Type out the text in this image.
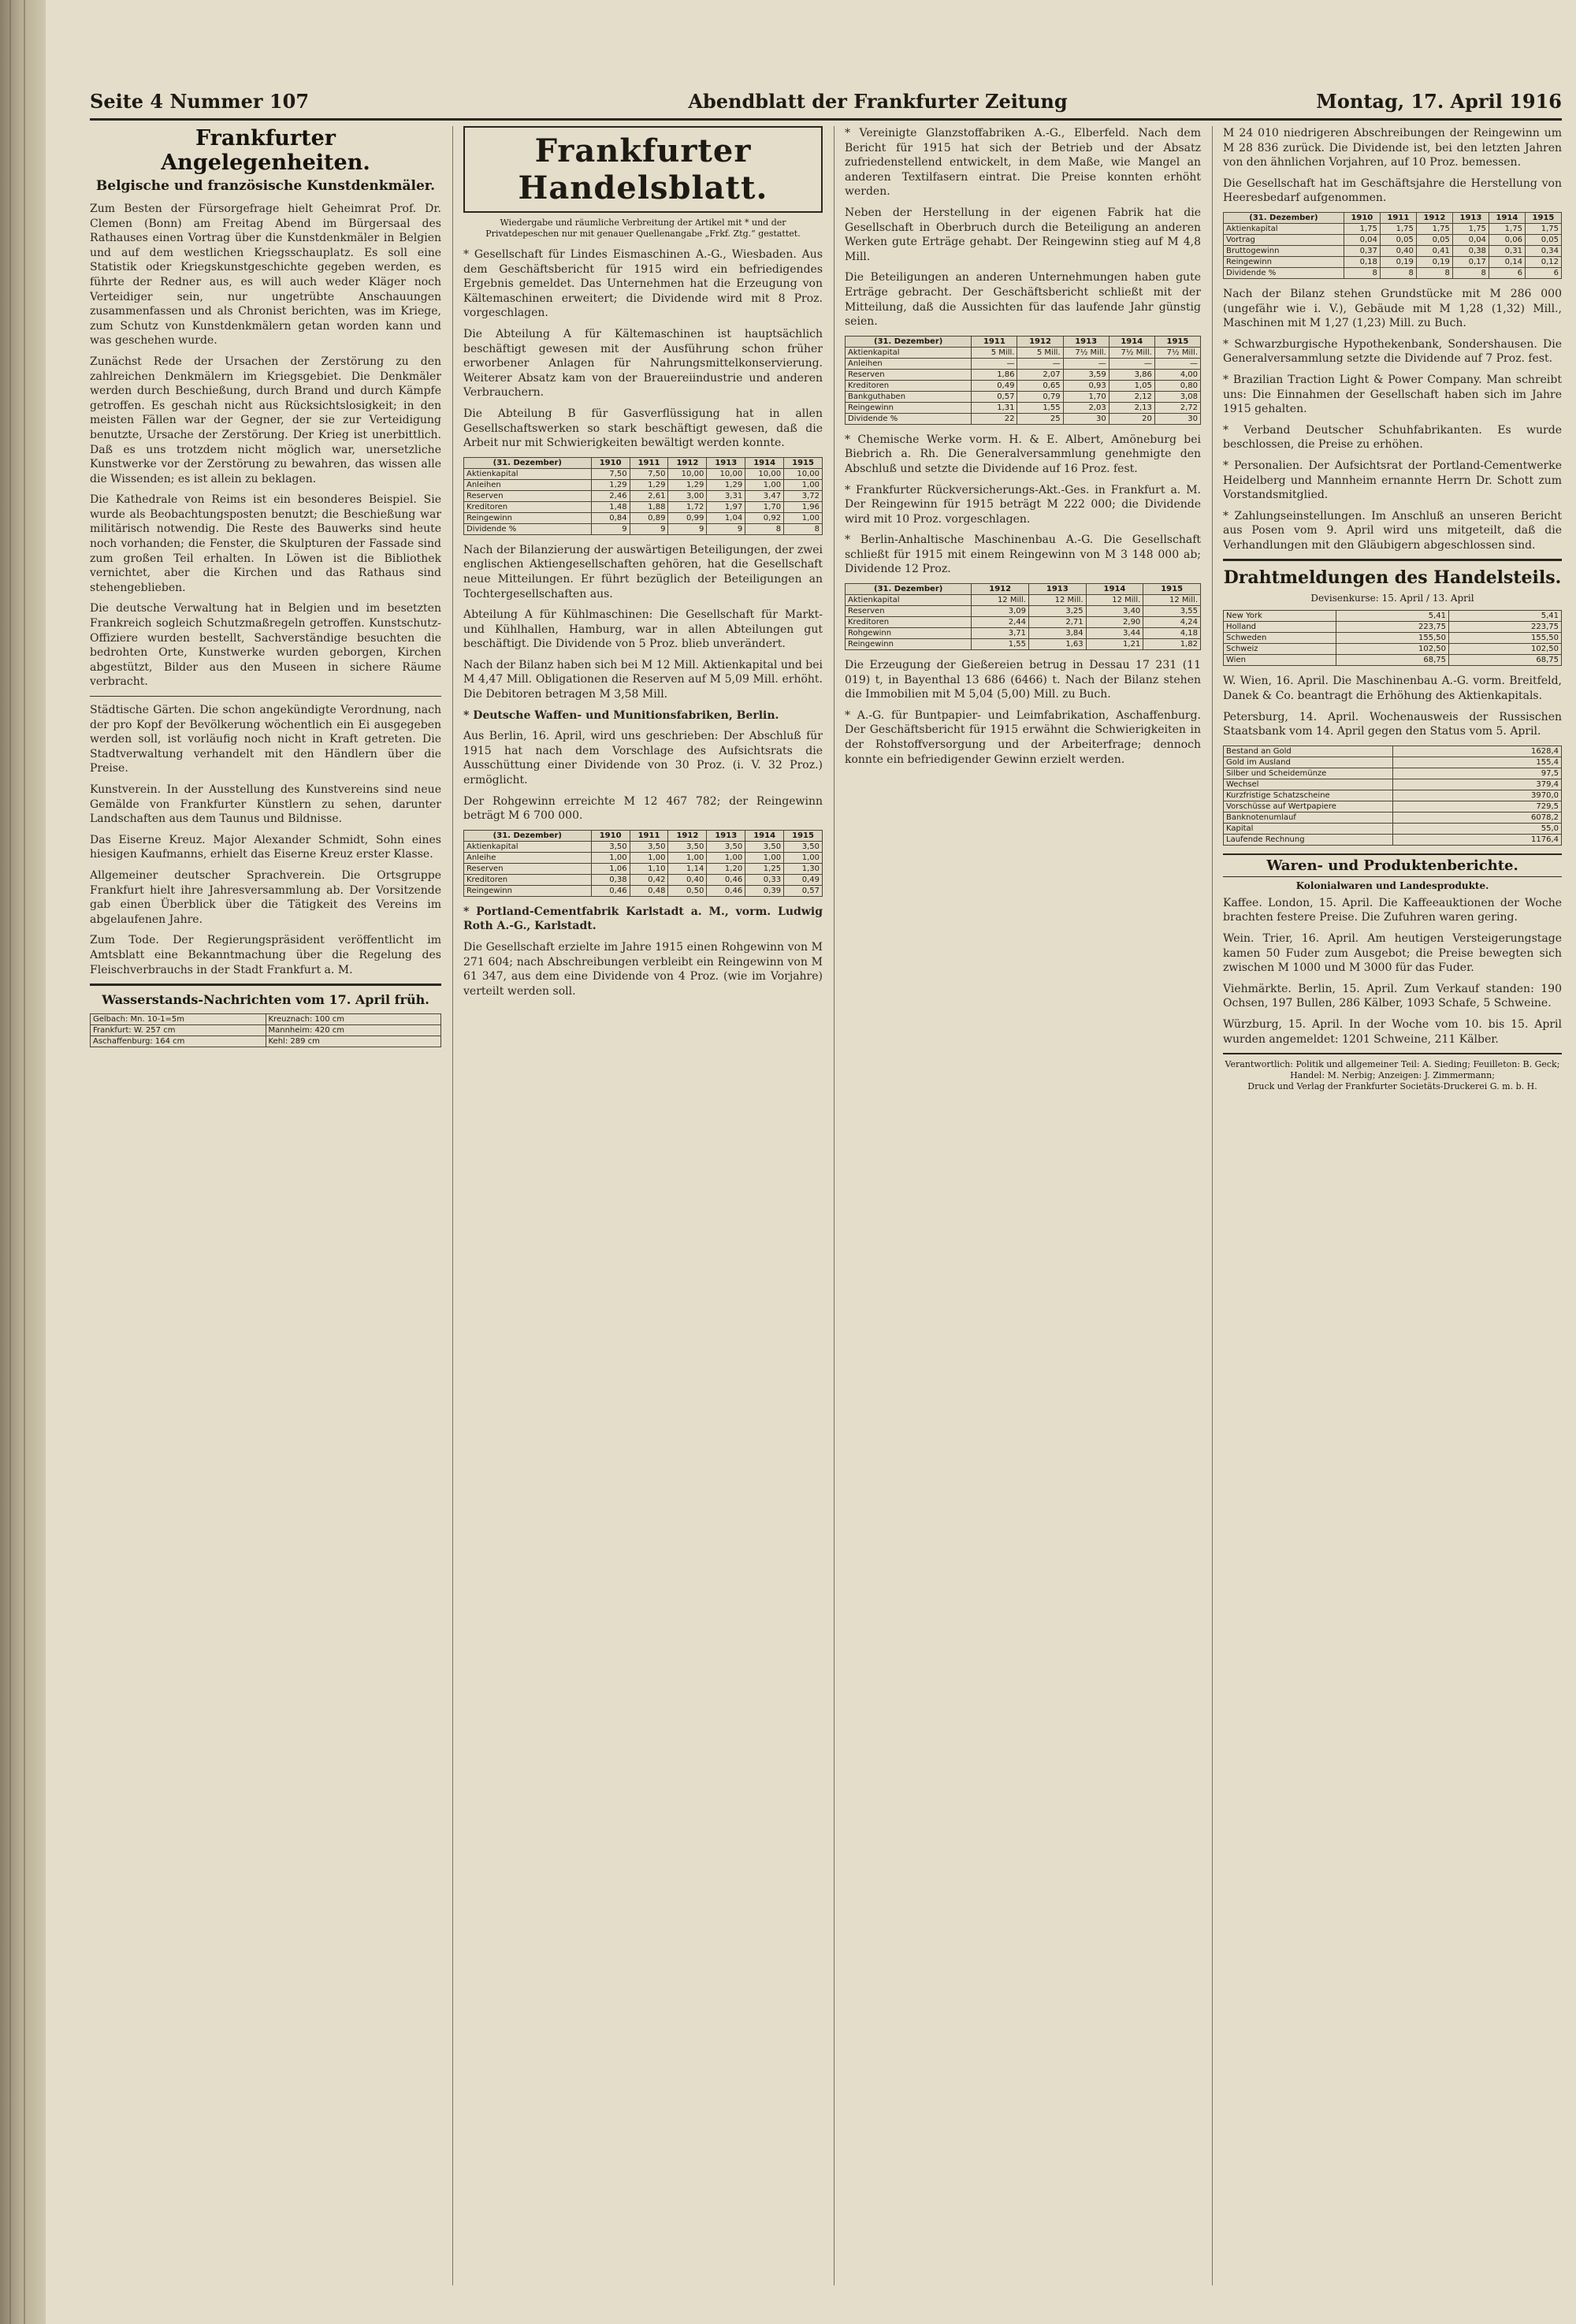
Seite 4 Nummer 107	Abendblatt der Frankfurter Zeitung	Montag, 17. April 1916
Frankfurter Angelegenheiten.
Belgische und französische Kunstdenkmäler.

Zum Besten der Fürsorgefrage hielt Geheimrat Prof. Dr. Clemen (Bonn) am Freitag Abend im Bürgersaal des Rathauses einen Vortrag über die Kunstdenkmäler in Belgien und auf dem westlichen Kriegsschauplatz. Es soll eine Statistik oder Kriegskunstgeschichte gegeben werden, es führte der Redner aus, es will auch weder Kläger noch Verteidiger sein, nur ungetrübte Anschauungen zusammenfassen und als Chronist berichten, was im Kriege, zum Schutz von Kunstdenkmälern getan worden kann und was geschehen wurde.

Zunächst Rede der Ursachen der Zerstörung zu den zahlreichen Denkmälern im Kriegsgebiet. Die Denkmäler werden durch Beschießung, durch Brand und durch Kämpfe getroffen. Es geschah nicht aus Rücksichtslosigkeit; in den meisten Fällen war der Gegner, der sie zur Verteidigung benutzte, Ursache der Zerstörung. Der Krieg ist unerbittlich. Daß es uns trotzdem nicht möglich war, unersetzliche Kunstwerke vor der Zerstörung zu bewahren, das wissen alle die Wissenden; es ist allein zu beklagen.

Die Kathedrale von Reims ist ein besonderes Beispiel. Sie wurde als Beobachtungsposten benutzt; die Beschießung war militärisch notwendig. Die Reste des Bauwerks sind heute noch vorhanden; die Fenster, die Skulpturen der Fassade sind zum großen Teil erhalten. In Löwen ist die Bibliothek vernichtet, aber die Kirchen und das Rathaus sind stehengeblieben.

Die deutsche Verwaltung hat in Belgien und im besetzten Frankreich sogleich Schutzmaßregeln getroffen. Kunstschutz-Offiziere wurden bestellt, Sachverständige besuchten die bedrohten Orte, Kunstwerke wurden geborgen, Kirchen abgestützt, Bilder aus den Museen in sichere Räume verbracht.

Städtische Gärten. Die schon angekündigte Verordnung, nach der pro Kopf der Bevölkerung wöchentlich ein Ei ausgegeben werden soll, ist vorläufig noch nicht in Kraft getreten. Die Stadtverwaltung verhandelt mit den Händlern über die Preise.

Kunstverein. In der Ausstellung des Kunstvereins sind neue Gemälde von Frankfurter Künstlern zu sehen, darunter Landschaften aus dem Taunus und Bildnisse.

Das Eiserne Kreuz. Major Alexander Schmidt, Sohn eines hiesigen Kaufmanns, erhielt das Eiserne Kreuz erster Klasse.

Allgemeiner deutscher Sprachverein. Die Ortsgruppe Frankfurt hielt ihre Jahresversammlung ab. Der Vorsitzende gab einen Überblick über die Tätigkeit des Vereins im abgelaufenen Jahre.

Zum Tode. Der Regierungspräsident veröffentlicht im Amtsblatt eine Bekanntmachung über die Regelung des Fleischverbrauchs in der Stadt Frankfurt a. M.

Wasserstands-Nachrichten vom 17. April früh.
Gelbach: Mn. 10-1=5m	Kreuznach: 100 cm
Frankfurt: W. 257 cm	Mannheim: 420 cm
Aschaffenburg: 164 cm	Kehl: 289 cm
Frankfurter Handelsblatt.
Wiedergabe und räumliche Verbreitung der Artikel mit * und der Privatdepeschen nur mit genauer Quellenangabe „Frkf. Ztg.“ gestattet.

* Gesellschaft für Lindes Eismaschinen A.-G., Wiesbaden. Aus dem Geschäftsbericht für 1915 wird ein befriedigendes Ergebnis gemeldet. Das Unternehmen hat die Erzeugung von Kältemaschinen erweitert; die Dividende wird mit 8 Proz. vorgeschlagen.

Die Abteilung A für Kältemaschinen ist hauptsächlich beschäftigt gewesen mit der Ausführung schon früher erworbener Anlagen für Nahrungsmittelkonservierung. Weiterer Absatz kam von der Brauereiindustrie und anderen Verbrauchern.

Die Abteilung B für Gasverflüssigung hat in allen Gesellschaftswerken so stark beschäftigt gewesen, daß die Arbeit nur mit Schwierigkeiten bewältigt werden konnte.

(31. Dezember)	1910	1911	1912	1913	1914	1915
Aktienkapital	7,50	7,50	10,00	10,00	10,00	10,00
Anleihen	1,29	1,29	1,29	1,29	1,00	1,00
Reserven	2,46	2,61	3,00	3,31	3,47	3,72
Kreditoren	1,48	1,88	1,72	1,97	1,70	1,96
Reingewinn	0,84	0,89	0,99	1,04	0,92	1,00
Dividende %	9	9	9	9	8	8

Nach der Bilanzierung der auswärtigen Beteiligungen, der zwei englischen Aktiengesellschaften gehören, hat die Gesellschaft neue Mitteilungen. Er führt bezüglich der Beteiligungen an Tochtergesellschaften aus.

Abteilung A für Kühlmaschinen: Die Gesellschaft für Markt- und Kühlhallen, Hamburg, war in allen Abteilungen gut beschäftigt. Die Dividende von 5 Proz. blieb unverändert.

Nach der Bilanz haben sich bei M 12 Mill. Aktienkapital und bei M 4,47 Mill. Obligationen die Reserven auf M 5,09 Mill. erhöht. Die Debitoren betragen M 3,58 Mill.

* Deutsche Waffen- und Munitionsfabriken, Berlin.

Aus Berlin, 16. April, wird uns geschrieben: Der Abschluß für 1915 hat nach dem Vorschlage des Aufsichtsrats die Ausschüttung einer Dividende von 30 Proz. (i. V. 32 Proz.) ermöglicht.

Der Rohgewinn erreichte M 12 467 782; der Reingewinn beträgt M 6 700 000.

(31. Dezember)	1910	1911	1912	1913	1914	1915
Aktienkapital	3,50	3,50	3,50	3,50	3,50	3,50
Anleihe	1,00	1,00	1,00	1,00	1,00	1,00
Reserven	1,06	1,10	1,14	1,20	1,25	1,30
Kreditoren	0,38	0,42	0,40	0,46	0,33	0,49
Reingewinn	0,46	0,48	0,50	0,46	0,39	0,57

* Portland-Cementfabrik Karlstadt a. M., vorm. Ludwig Roth A.-G., Karlstadt.

Die Gesellschaft erzielte im Jahre 1915 einen Rohgewinn von M 271 604; nach Abschreibungen verbleibt ein Reingewinn von M 61 347, aus dem eine Dividende von 4 Proz. (wie im Vorjahre) verteilt werden soll.

* Vereinigte Glanzstoffabriken A.-G., Elberfeld. Nach dem Bericht für 1915 hat sich der Betrieb und der Absatz zufriedenstellend entwickelt, in dem Maße, wie Mangel an anderen Textilfasern eintrat. Die Preise konnten erhöht werden.

Neben der Herstellung in der eigenen Fabrik hat die Gesellschaft in Oberbruch durch die Beteiligung an anderen Werken gute Erträge gehabt. Der Reingewinn stieg auf M 4,8 Mill.

Die Beteiligungen an anderen Unternehmungen haben gute Erträge gebracht. Der Geschäftsbericht schließt mit der Mitteilung, daß die Aussichten für das laufende Jahr günstig seien.

(31. Dezember)	1911	1912	1913	1914	1915
Aktienkapital	5 Mill.	5 Mill.	7½ Mill.	7½ Mill.	7½ Mill.
Anleihen	—	—	—	—	—
Reserven	1,86	2,07	3,59	3,86	4,00
Kreditoren	0,49	0,65	0,93	1,05	0,80
Bankguthaben	0,57	0,79	1,70	2,12	3,08
Reingewinn	1,31	1,55	2,03	2,13	2,72
Dividende %	22	25	30	20	30

* Chemische Werke vorm. H. & E. Albert, Amöneburg bei Biebrich a. Rh. Die Generalversammlung genehmigte den Abschluß und setzte die Dividende auf 16 Proz. fest.

* Frankfurter Rückversicherungs-Akt.-Ges. in Frankfurt a. M. Der Reingewinn für 1915 beträgt M 222 000; die Dividende wird mit 10 Proz. vorgeschlagen.

* Berlin-Anhaltische Maschinenbau A.-G. Die Gesellschaft schließt für 1915 mit einem Reingewinn von M 3 148 000 ab; Dividende 12 Proz.

(31. Dezember)	1912	1913	1914	1915
Aktienkapital	12 Mill.	12 Mill.	12 Mill.	12 Mill.
Reserven	3,09	3,25	3,40	3,55
Kreditoren	2,44	2,71	2,90	4,24
Rohgewinn	3,71	3,84	3,44	4,18
Reingewinn	1,55	1,63	1,21	1,82

Die Erzeugung der Gießereien betrug in Dessau 17 231 (11 019) t, in Bayenthal 13 686 (6466) t. Nach der Bilanz stehen die Immobilien mit M 5,04 (5,00) Mill. zu Buch.

* A.-G. für Buntpapier- und Leimfabrikation, Aschaffenburg. Der Geschäftsbericht für 1915 erwähnt die Schwierigkeiten in der Rohstoffversorgung und der Arbeiterfrage; dennoch konnte ein befriedigender Gewinn erzielt werden.

M 24 010 niedrigeren Abschreibungen der Reingewinn um M 28 836 zurück. Die Dividende ist, bei den letzten Jahren von den ähnlichen Vorjahren, auf 10 Proz. bemessen.

Die Gesellschaft hat im Geschäftsjahre die Herstellung von Heeresbedarf aufgenommen.

(31. Dezember)	1910	1911	1912	1913	1914	1915
Aktienkapital	1,75	1,75	1,75	1,75	1,75	1,75
Vortrag	0,04	0,05	0,05	0,04	0,06	0,05
Bruttogewinn	0,37	0,40	0,41	0,38	0,31	0,34
Reingewinn	0,18	0,19	0,19	0,17	0,14	0,12
Dividende %	8	8	8	8	6	6

Nach der Bilanz stehen Grundstücke mit M 286 000 (ungefähr wie i. V.), Gebäude mit M 1,28 (1,32) Mill., Maschinen mit M 1,27 (1,23) Mill. zu Buch.

* Schwarzburgische Hypothekenbank, Sondershausen. Die Generalversammlung setzte die Dividende auf 7 Proz. fest.

* Brazilian Traction Light & Power Company. Man schreibt uns: Die Einnahmen der Gesellschaft haben sich im Jahre 1915 gehalten.

* Verband Deutscher Schuhfabrikanten. Es wurde beschlossen, die Preise zu erhöhen.

* Personalien. Der Aufsichtsrat der Portland-Cementwerke Heidelberg und Mannheim ernannte Herrn Dr. Schott zum Vorstandsmitglied.

* Zahlungseinstellungen. Im Anschluß an unseren Bericht aus Posen vom 9. April wird uns mitgeteilt, daß die Verhandlungen mit den Gläubigern abgeschlossen sind.

Drahtmeldungen des Handelsteils.
Devisenkurse: 15. April / 13. April
New York	5,41	5,41
Holland	223,75	223,75
Schweden	155,50	155,50
Schweiz	102,50	102,50
Wien	68,75	68,75

W. Wien, 16. April. Die Maschinenbau A.-G. vorm. Breitfeld, Danek & Co. beantragt die Erhöhung des Aktienkapitals.

Petersburg, 14. April. Wochenausweis der Russischen Staatsbank vom 14. April gegen den Status vom 5. April.

Bestand an Gold	1628,4
Gold im Ausland	155,4
Silber und Scheidemünze	97,5
Wechsel	379,4
Kurzfristige Schatzscheine	3970,0
Vorschüsse auf Wertpapiere	729,5
Banknotenumlauf	6078,2
Kapital	55,0
Laufende Rechnung	1176,4
Waren- und Produktenberichte.
Kolonialwaren und Landesprodukte.

Kaffee. London, 15. April. Die Kaffeeauktionen der Woche brachten festere Preise. Die Zufuhren waren gering.

Wein. Trier, 16. April. Am heutigen Versteigerungstage kamen 50 Fuder zum Ausgebot; die Preise bewegten sich zwischen M 1000 und M 3000 für das Fuder.

Viehmärkte. Berlin, 15. April. Zum Verkauf standen: 190 Ochsen, 197 Bullen, 286 Kälber, 1093 Schafe, 5 Schweine.

Würzburg, 15. April. In der Woche vom 10. bis 15. April wurden angemeldet: 1201 Schweine, 211 Kälber.

Verantwortlich: Politik und allgemeiner Teil: A. Sieding; Feuilleton: B. Geck; Handel: M. Nerbig; Anzeigen: J. Zimmermann;
Druck und Verlag der Frankfurter Societäts-Druckerei G. m. b. H.
